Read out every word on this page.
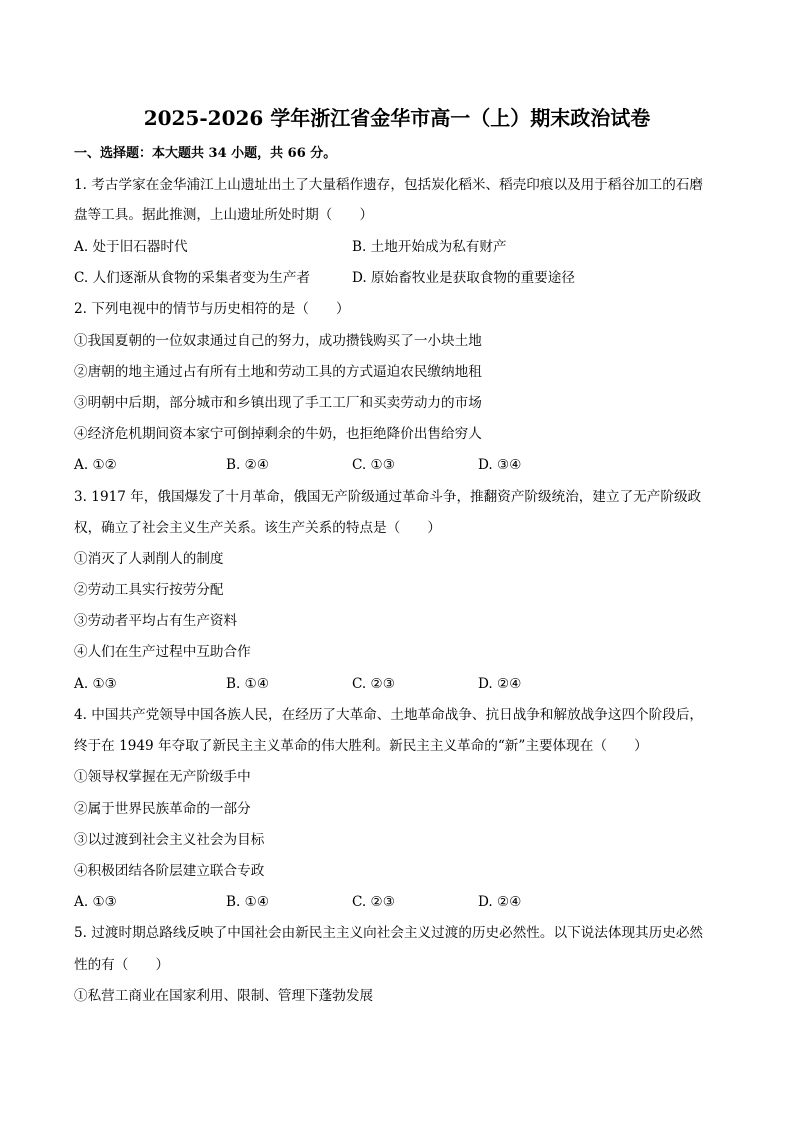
2025-2026 学年浙江省金华市高一（上）期末政治试卷
一、选择题：本大题共 34 小题，共 66 分。
1. 考古学家在金华浦江上山遗址出土了大量稻作遗存，包括炭化稻米、稻壳印痕以及用于稻谷加工的石磨
盘等工具。据此推测，上山遗址所处时期（　　）
A. 处于旧石器时代	B. 土地开始成为私有财产
C. 人们逐渐从食物的采集者变为生产者	D. 原始畜牧业是获取食物的重要途径
2. 下列电视中的情节与历史相符的是（　　）
①我国夏朝的一位奴隶通过自己的努力，成功攒钱购买了一小块土地
②唐朝的地主通过占有所有土地和劳动工具的方式逼迫农民缴纳地租
③明朝中后期，部分城市和乡镇出现了手工工厂和买卖劳动力的市场
④经济危机期间资本家宁可倒掉剩余的牛奶，也拒绝降价出售给穷人
A. ①②	B. ②④	C. ①③	D. ③④
3. 1917 年，俄国爆发了十月革命，俄国无产阶级通过革命斗争，推翻资产阶级统治，建立了无产阶级政
权，确立了社会主义生产关系。该生产关系的特点是（　　）
①消灭了人剥削人的制度
②劳动工具实行按劳分配
③劳动者平均占有生产资料
④人们在生产过程中互助合作
A. ①③	B. ①④	C. ②③	D. ②④
4. 中国共产党领导中国各族人民，在经历了大革命、土地革命战争、抗日战争和解放战争这四个阶段后，
终于在 1949 年夺取了新民主主义革命的伟大胜利。新民主主义革命的“新”主要体现在（　　）
①领导权掌握在无产阶级手中
②属于世界民族革命的一部分
③以过渡到社会主义社会为目标
④积极团结各阶层建立联合专政
A. ①③	B. ①④	C. ②③	D. ②④
5. 过渡时期总路线反映了中国社会由新民主主义向社会主义过渡的历史必然性。以下说法体现其历史必然
性的有（　　）
①私营工商业在国家利用、限制、管理下蓬勃发展
